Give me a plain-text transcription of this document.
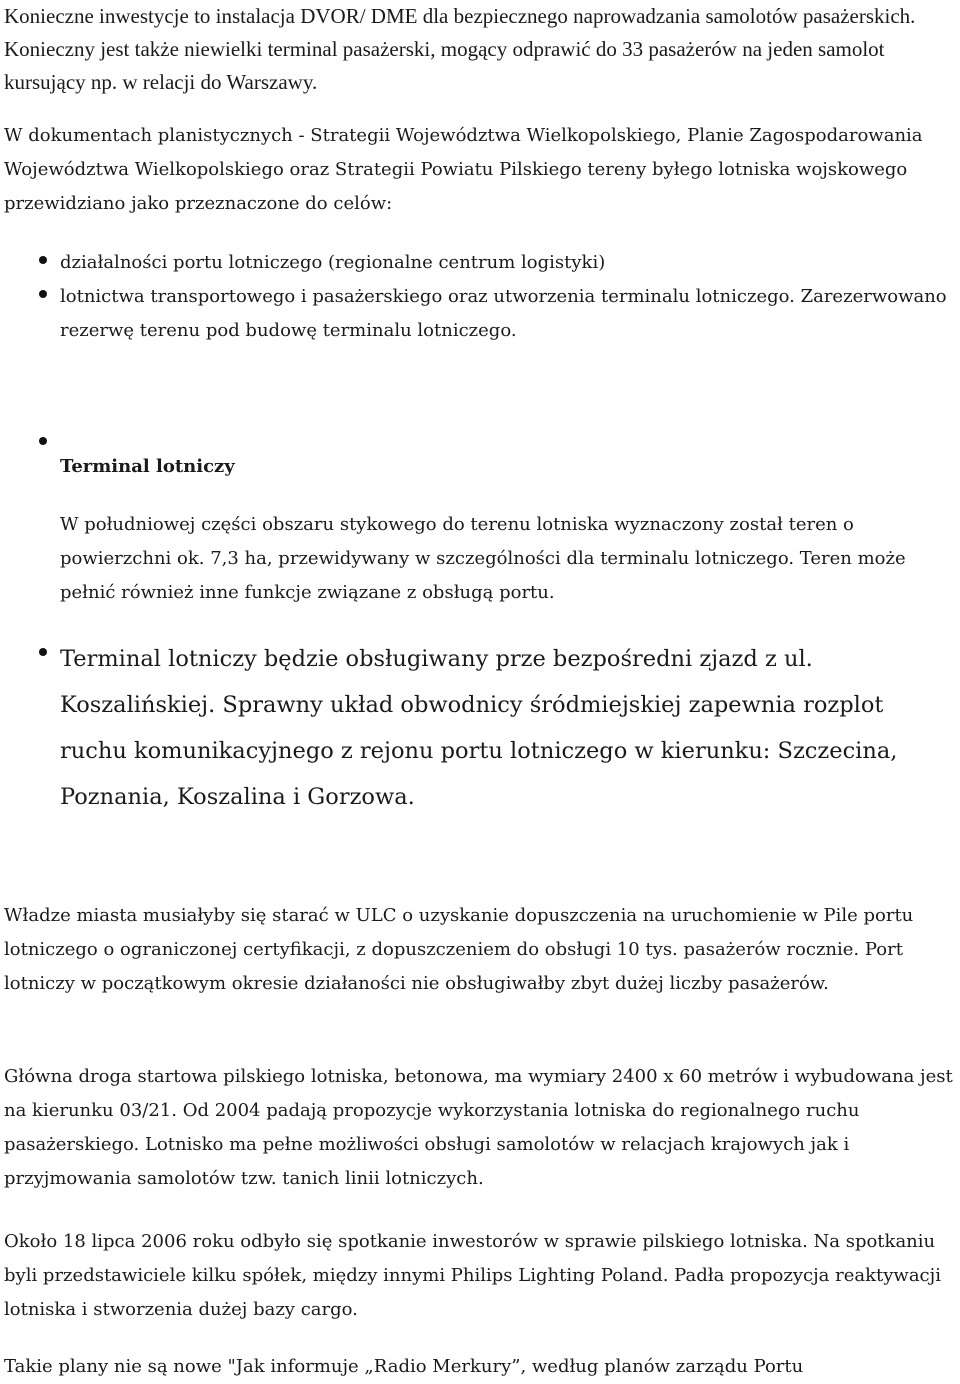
Konieczne inwestycje to instalacja DVOR/ DME dla bezpiecznego naprowadzania samolotów pasażerskich. Konieczny jest także niewielki terminal pasażerski, mogący odprawić do 33 pasażerów na jeden samolot kursujący np. w relacji do Warszawy.

W dokumentach planistycznych - Strategii Województwa Wielkopolskiego, Planie Zagospodarowania Województwa Wielkopolskiego oraz Strategii Powiatu Pilskiego tereny byłego lotniska wojskowego przewidziano jako przeznaczone do celów:

działalności portu lotniczego (regionalne centrum logistyki)

lotnictwa transportowego i pasażerskiego oraz utworzenia terminalu lotniczego. Zarezerwowano rezerwę terenu pod budowę terminalu lotniczego.

Terminal lotniczy

W południowej części obszaru stykowego do terenu lotniska wyznaczony został teren o powierzchni ok. 7,3 ha, przewidywany w szczególności dla terminalu lotniczego. Teren może pełnić również inne funkcje związane z obsługą portu.

Terminal lotniczy będzie obsługiwany prze bezpośredni zjazd z ul. Koszalińskiej. Sprawny układ obwodnicy śródmiejskiej zapewnia rozplot ruchu komunikacyjnego z rejonu portu lotniczego w kierunku: Szczecina, Poznania, Koszalina i Gorzowa.

Władze miasta musiałyby się starać w ULC o uzyskanie dopuszczenia na uruchomienie w Pile portu lotniczego o ograniczonej certyfikacji, z dopuszczeniem do obsługi 10 tys. pasażerów rocznie. Port lotniczy w początkowym okresie działaności nie obsługiwałby zbyt dużej liczby pasażerów.

Główna droga startowa pilskiego lotniska, betonowa, ma wymiary 2400 x 60 metrów i wybudowana jest na kierunku 03/21. Od 2004 padają propozycje wykorzystania lotniska do regionalnego ruchu pasażerskiego. Lotnisko ma pełne możliwości obsługi samolotów w relacjach krajowych jak i przyjmowania samolotów tzw. tanich linii lotniczych.

Około 18 lipca 2006 roku odbyło się spotkanie inwestorów w sprawie pilskiego lotniska. Na spotkaniu byli przedstawiciele kilku spółek, między innymi Philips Lighting Poland. Padła propozycja reaktywacji lotniska i stworzenia dużej bazy cargo.

Takie plany nie są nowe "Jak informuje „Radio Merkury”, według planów zarządu Portu
